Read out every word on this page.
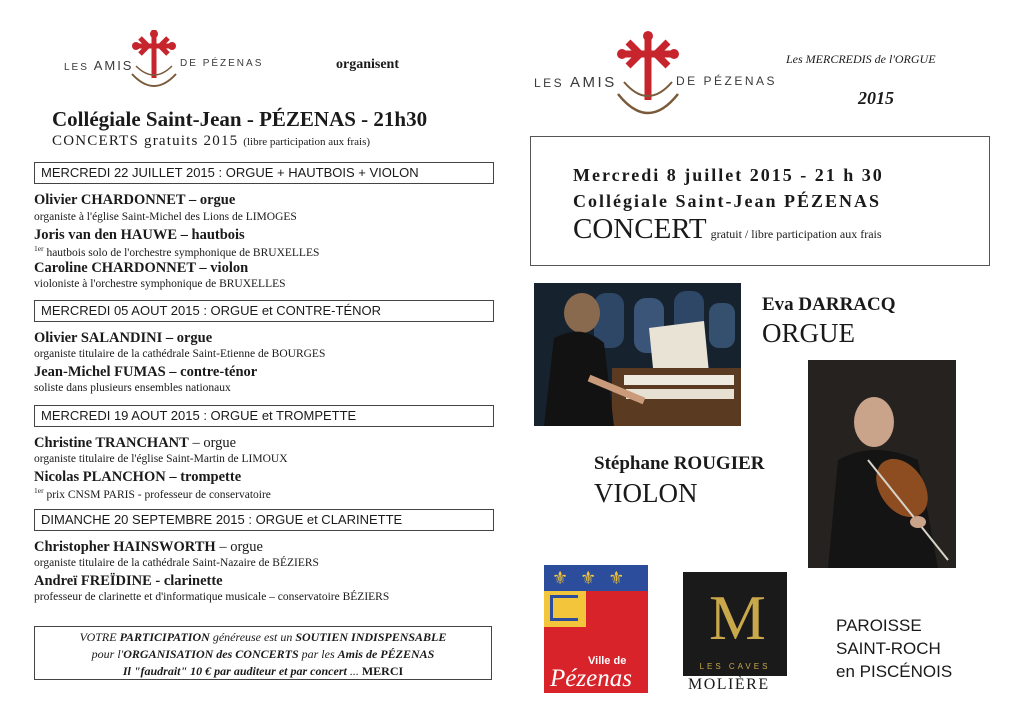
LES AMIS	DE PÉZENAS	organisent
Collégiale Saint-Jean - PÉZENAS - 21h30
CONCERTS gratuits 2015 (libre participation aux frais)
MERCREDI 22 JUILLET 2015 : ORGUE + HAUTBOIS + VIOLON
Olivier CHARDONNET – orgue
organiste à l'église Saint-Michel des Lions de LIMOGES
Joris van den HAUWE – hautbois
$^{1er}$ hautbois solo de l'orchestre symphonique de BRUXELLES
Caroline CHARDONNET – violon
violoniste à l'orchestre symphonique de BRUXELLES
MERCREDI 05 AOUT 2015 : ORGUE et CONTRE-TÉNOR
Olivier SALANDINI – orgue
organiste titulaire de la cathédrale Saint-Etienne de BOURGES
Jean-Michel FUMAS – contre-ténor
soliste dans plusieurs ensembles nationaux
MERCREDI 19 AOUT 2015 : ORGUE et TROMPETTE
Christine TRANCHANT – orgue
organiste titulaire de l'église Saint-Martin de LIMOUX
Nicolas PLANCHON – trompette
$^{1er}$ prix CNSM PARIS - professeur de conservatoire
DIMANCHE 20 SEPTEMBRE 2015 : ORGUE et CLARINETTE
Christopher HAINSWORTH – orgue
organiste titulaire de la cathédrale Saint-Nazaire de BÉZIERS
Andreï FREÏDINE - clarinette
professeur de clarinette et d'informatique musicale – conservatoire BÉZIERS
VOTRE PARTICIPATION généreuse est un SOUTIEN INDISPENSABLE
pour l'ORGANISATION des CONCERTS par les Amis de PÉZENAS
Il "faudrait" 10 € par auditeur et par concert ... MERCI
Les MERCREDIS de l'ORGUE
2015
LES AMIS	DE PÉZENAS
Mercredi 8 juillet 2015 - 21 h 30
Collégiale Saint-Jean PÉZENAS
CONCERT gratuit / libre participation aux frais
Eva DARRACQ
ORGUE
Stéphane ROUGIER
VIOLON
⚜⚜⚜
Ville de
Pézenas
M
LES CAVES
MOLIÈRE
PAROISSE
SAINT-ROCH
en PISCÉNOIS
